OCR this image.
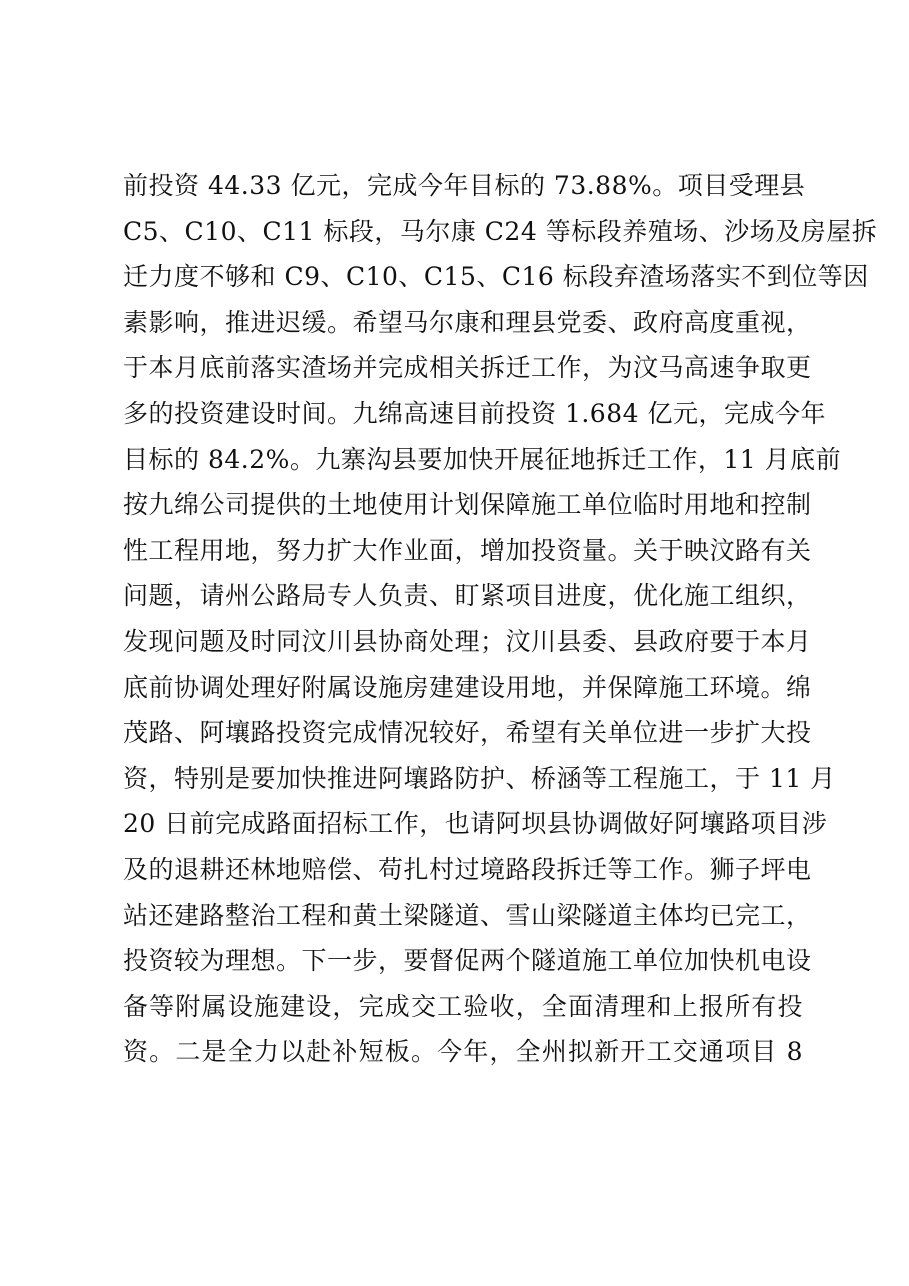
前投资 44.33 亿元，完成今年目标的 73.88%。项目受理县
C5、C10、C11 标段，马尔康 C24 等标段养殖场、沙场及房屋拆
迁力度不够和 C9、C10、C15、C16 标段弃渣场落实不到位等因
素影响，推进迟缓。希望马尔康和理县党委、政府高度重视，
于本月底前落实渣场并完成相关拆迁工作，为汶马高速争取更
多的投资建设时间。九绵高速目前投资 1.684 亿元，完成今年
目标的 84.2%。九寨沟县要加快开展征地拆迁工作，11 月底前
按九绵公司提供的土地使用计划保障施工单位临时用地和控制
性工程用地，努力扩大作业面，增加投资量。关于映汶路有关
问题，请州公路局专人负责、盯紧项目进度，优化施工组织，
发现问题及时同汶川县协商处理；汶川县委、县政府要于本月
底前协调处理好附属设施房建建设用地，并保障施工环境。绵
茂路、阿壤路投资完成情况较好，希望有关单位进一步扩大投
资，特别是要加快推进阿壤路防护、桥涵等工程施工，于 11 月
20 日前完成路面招标工作，也请阿坝县协调做好阿壤路项目涉
及的退耕还林地赔偿、苟扎村过境路段拆迁等工作。狮子坪电
站还建路整治工程和黄土梁隧道、雪山梁隧道主体均已完工，
投资较为理想。下一步，要督促两个隧道施工单位加快机电设
备等附属设施建设，完成交工验收，全面清理和上报所有投
资。二是全力以赴补短板。今年，全州拟新开工交通项目 8
